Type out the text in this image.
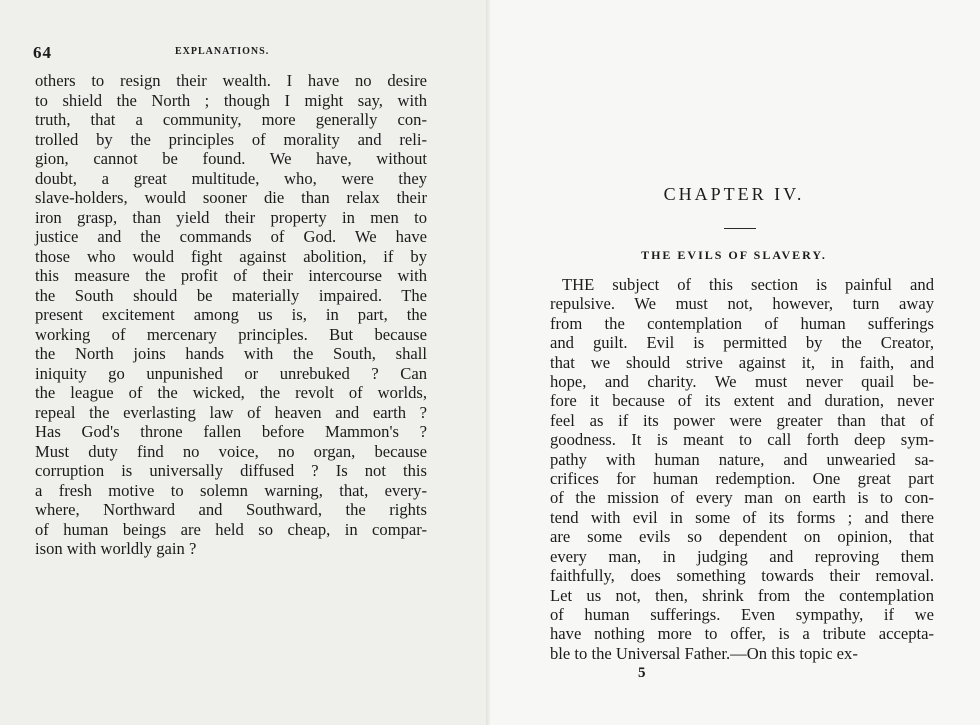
64	EXPLANATIONS.
others to resign their wealth. I have no desire
to shield the North ; though I might say, with
truth, that a community, more generally con-
trolled by the principles of morality and reli-
gion, cannot be found. We have, without
doubt, a great multitude, who, were they
slave-holders, would sooner die than relax their
iron grasp, than yield their property in men to
justice and the commands of God. We have
those who would fight against abolition, if by
this measure the profit of their intercourse with
the South should be materially impaired. The
present excitement among us is, in part, the
working of mercenary principles. But because
the North joins hands with the South, shall
iniquity go unpunished or unrebuked ? Can
the league of the wicked, the revolt of worlds,
repeal the everlasting law of heaven and earth ?
Has God's throne fallen before Mammon's ?
Must duty find no voice, no organ, because
corruption is universally diffused ? Is not this
a fresh motive to solemn warning, that, every-
where, Northward and Southward, the rights
of human beings are held so cheap, in compar-
ison with worldly gain ?
CHAPTER IV.
THE EVILS OF SLAVERY.
THE subject of this section is painful and
repulsive. We must not, however, turn away
from the contemplation of human sufferings
and guilt. Evil is permitted by the Creator,
that we should strive against it, in faith, and
hope, and charity. We must never quail be-
fore it because of its extent and duration, never
feel as if its power were greater than that of
goodness. It is meant to call forth deep sym-
pathy with human nature, and unwearied sa-
crifices for human redemption. One great part
of the mission of every man on earth is to con-
tend with evil in some of its forms ; and there
are some evils so dependent on opinion, that
every man, in judging and reproving them
faithfully, does something towards their removal.
Let us not, then, shrink from the contemplation
of human sufferings. Even sympathy, if we
have nothing more to offer, is a tribute accepta-
ble to the Universal Father.—On this topic ex-
5
